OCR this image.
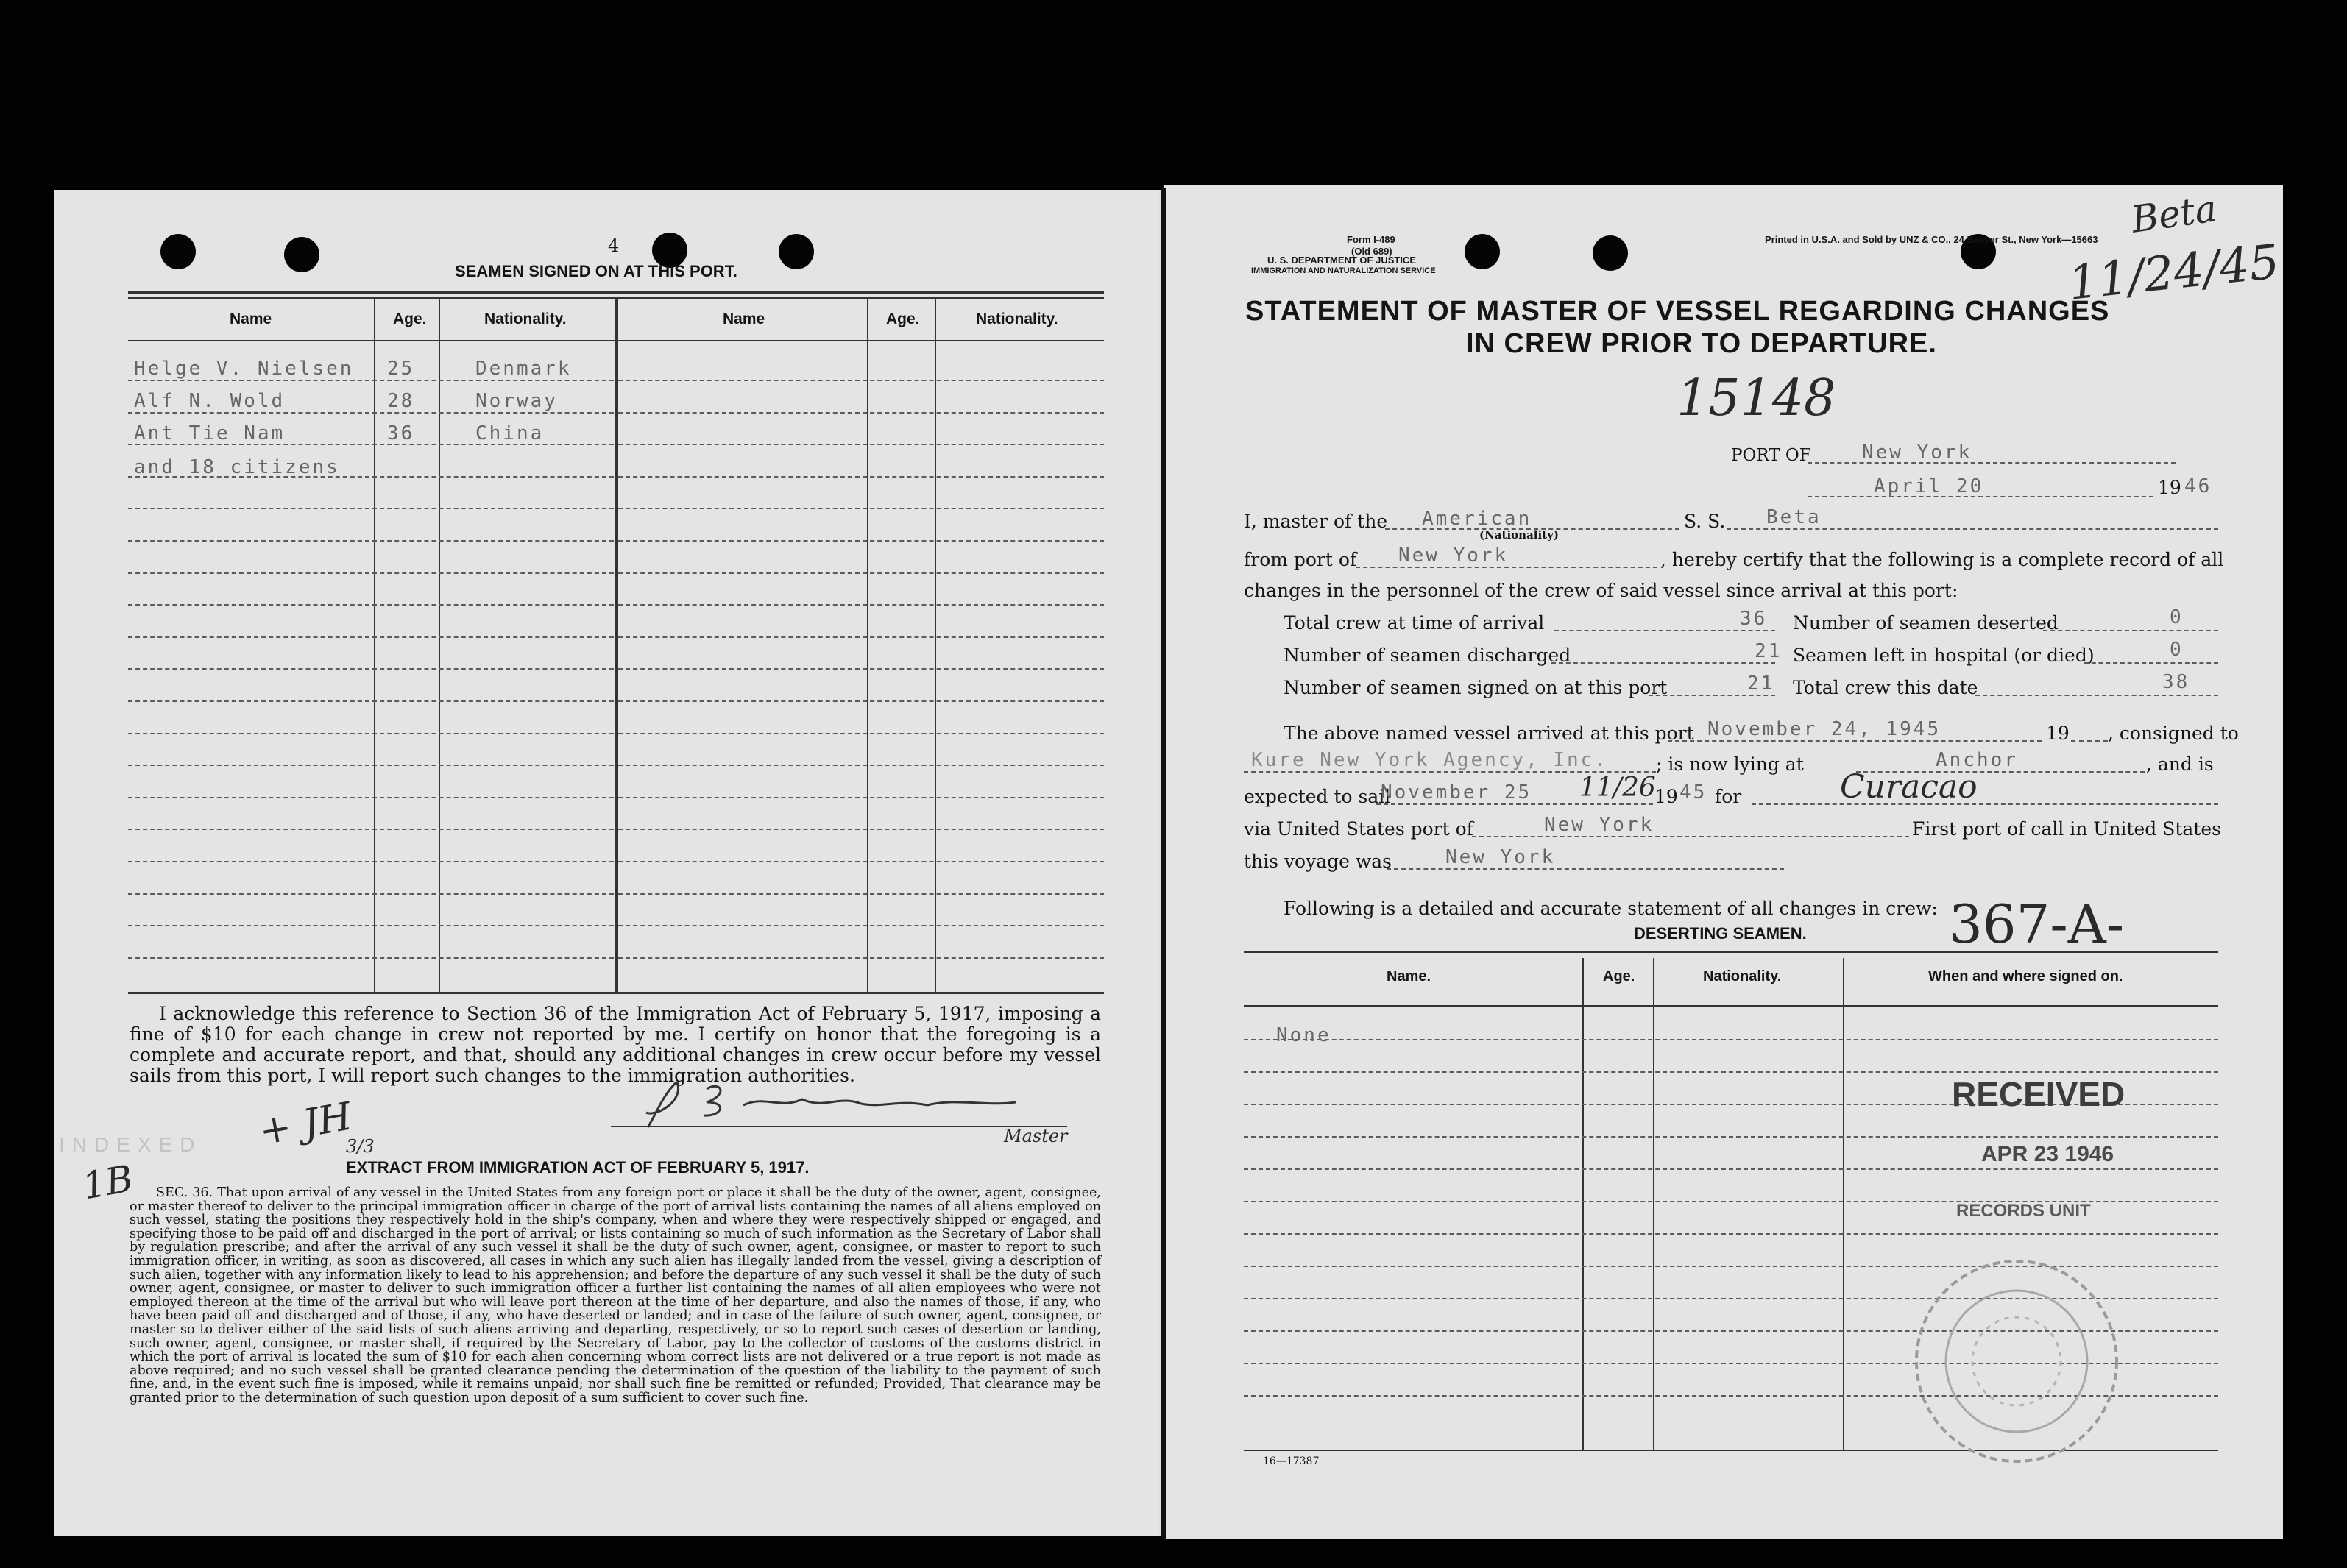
4
SEAMEN SIGNED ON AT THIS PORT.
Name	Age.	Nationality.	Name	Age.	Nationality.
Helge V. Nielsen 25	Denmark
Alf N. Wold	28	Norway
Ant Tie Nam	36	China
and 18 citizens
I acknowledge this reference to Section 36 of the Immigration Act of February 5, 1917, imposing a fine of $10 for each change in crew not reported by me. I certify on honor that the foregoing is a complete and accurate report, and that, should any additional changes in crew occur before my vessel sails from this port, I will report such changes to the immigration authorities.
Master
INDEXED
1B
+ JH
3/3
EXTRACT FROM IMMIGRATION ACT OF FEBRUARY 5, 1917.
SEC. 36. That upon arrival of any vessel in the United States from any foreign port or place it shall be the duty of the owner, agent, consignee, or master thereof to deliver to the principal immigration officer in charge of the port of arrival lists containing the names of all aliens employed on such vessel, stating the positions they respectively hold in the ship's company, when and where they were respectively shipped or engaged, and specifying those to be paid off and discharged in the port of arrival; or lists containing so much of such information as the Secretary of Labor shall by regulation prescribe; and after the arrival of any such vessel it shall be the duty of such owner, agent, consignee, or master to report to such immigration officer, in writing, as soon as discovered, all cases in which any such alien has illegally landed from the vessel, giving a description of such alien, together with any information likely to lead to his apprehension; and before the departure of any such vessel it shall be the duty of such owner, agent, consignee, or master to deliver to such immigration officer a further list containing the names of all alien employees who were not employed thereon at the time of the arrival but who will leave port thereon at the time of her departure, and also the names of those, if any, who have been paid off and discharged and of those, if any, who have deserted or landed; and in case of the failure of such owner, agent, consignee, or master so to deliver either of the said lists of such aliens arriving and departing, respectively, or so to report such cases of desertion or landing, such owner, agent, consignee, or master shall, if required by the Secretary of Labor, pay to the collector of customs of the customs district in which the port of arrival is located the sum of $10 for each alien concerning whom correct lists are not delivered or a true report is not made as above required; and no such vessel shall be granted clearance pending the determination of the question of the liability to the payment of such fine, and, in the event such fine is imposed, while it remains unpaid; nor shall such fine be remitted or refunded; Provided, That clearance may be granted prior to the determination of such question upon deposit of a sum sufficient to cover such fine.
Form I-489
(Old 689)
U. S. DEPARTMENT OF JUSTICE
IMMIGRATION AND NATURALIZATION SERVICE
Printed in U.S.A. and Sold by UNZ & CO., 24 Beaver St., New York—15663 Beta
11/24/45
STATEMENT OF MASTER OF VESSEL REGARDING CHANGES
IN CREW PRIOR TO DEPARTURE.
15148
PORT OF	New York
April 20	19 46
I, master of the American
(Nationality)
S. S. Beta
from port of New York	, hereby certify that the following is a complete record of all
changes in the personnel of the crew of said vessel since arrival at this port:
Total crew at time of arrival	36
Number of seamen discharged	21
Number of seamen signed on at this port	21
Number of seamen deserted	0
Seamen left in hospital (or died)	0
Total crew this date	38
The above named vessel arrived at this port November 24, 1945	19 , consigned to
Kure New York Agency, Inc.	; is now lying at	Anchor	, and is
expected to sail
November 25 11/26
19 45 for	Curacao
via United States port of	New York	First port of call in United States
this voyage was	New York
Following is a detailed and accurate statement of all changes in crew:
DESERTING SEAMEN.	367-A-
Name.	Age.	Nationality.	When and where signed on.
None
RECEIVED
APR 23 1946
RECORDS UNIT
16—17387
